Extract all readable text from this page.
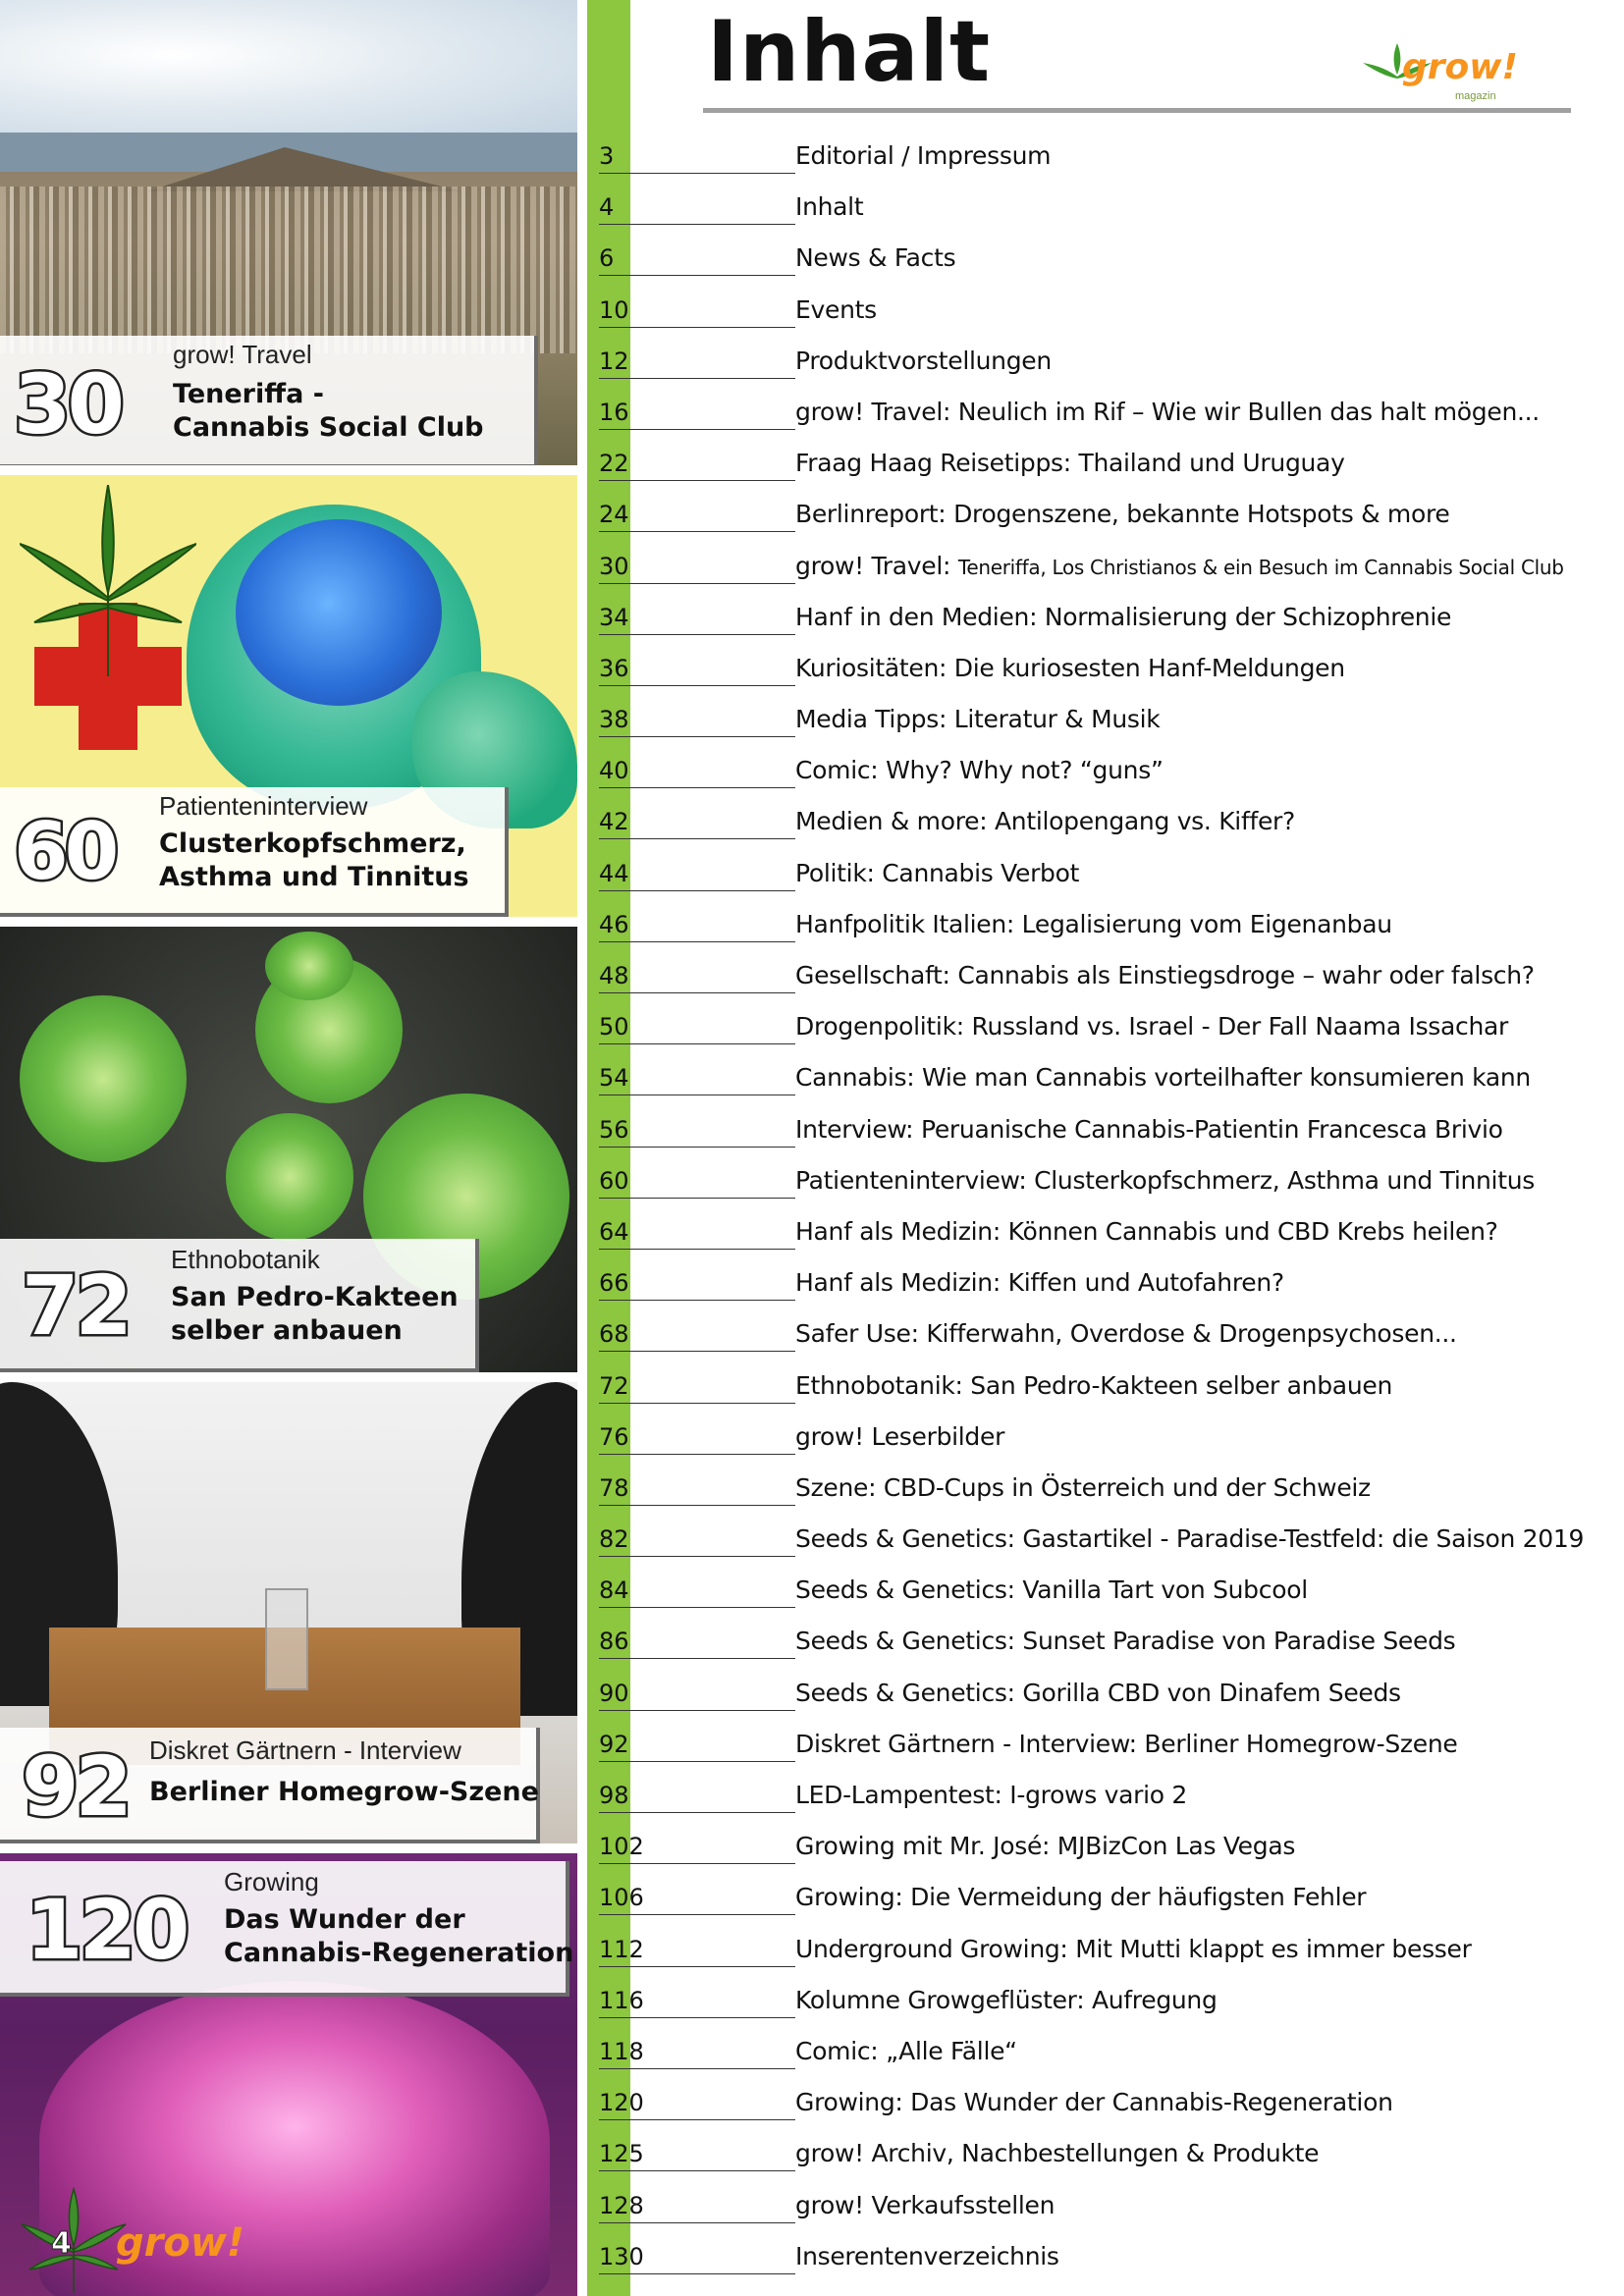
30
grow! Travel
Teneriffa -
Cannabis Social Club
60 Patienteninterview
Clusterkopfschmerz,
Asthma und Tinnitus
72 Ethnobotanik
San Pedro-Kakteen
selber anbauen
92 Diskret Gärtnern - Interview
Berliner Homegrow-Szene
120 Growing
Das Wunder der
Cannabis-Regeneration
4 grow!
Inhalt	grow!
magazin
3	Editorial / Impressum
4	Inhalt
6	News & Facts
10	Events
12	Produktvorstellungen
16	grow! Travel: Neulich im Rif – Wie wir Bullen das halt mögen...
22	Fraag Haag Reisetipps: Thailand und Uruguay
24	Berlinreport: Drogenszene, bekannte Hotspots & more
30	grow! Travel: Teneriffa, Los Christianos & ein Besuch im Cannabis Social Club
34	Hanf in den Medien: Normalisierung der Schizophrenie
36	Kuriositäten: Die kuriosesten Hanf-Meldungen
38	Media Tipps: Literatur & Musik
40	Comic: Why? Why not? “guns”
42	Medien & more: Antilopengang vs. Kiffer?
44	Politik: Cannabis Verbot
46	Hanfpolitik Italien: Legalisierung vom Eigenanbau
48	Gesellschaft: Cannabis als Einstiegsdroge – wahr oder falsch?
50	Drogenpolitik: Russland vs. Israel - Der Fall Naama Issachar
54	Cannabis: Wie man Cannabis vorteilhafter konsumieren kann
56	Interview: Peruanische Cannabis-Patientin Francesca Brivio
60	Patienteninterview: Clusterkopfschmerz, Asthma und Tinnitus
64	Hanf als Medizin: Können Cannabis und CBD Krebs heilen?
66	Hanf als Medizin: Kiffen und Autofahren?
68	Safer Use: Kifferwahn, Overdose & Drogenpsychosen...
72	Ethnobotanik: San Pedro-Kakteen selber anbauen
76	grow! Leserbilder
78	Szene: CBD-Cups in Österreich und der Schweiz
82	Seeds & Genetics: Gastartikel - Paradise-Testfeld: die Saison 2019
84	Seeds & Genetics: Vanilla Tart von Subcool
86	Seeds & Genetics: Sunset Paradise von Paradise Seeds
90	Seeds & Genetics: Gorilla CBD von Dinafem Seeds
92	Diskret Gärtnern - Interview: Berliner Homegrow-Szene
98	LED-Lampentest: I-grows vario 2
102	Growing mit Mr. José: MJBizCon Las Vegas
106	Growing: Die Vermeidung der häufigsten Fehler
112	Underground Growing: Mit Mutti klappt es immer besser
116	Kolumne Growgeflüster: Aufregung
118	Comic: „Alle Fälle“
120	Growing: Das Wunder der Cannabis-Regeneration
125	grow! Archiv, Nachbestellungen & Produkte
128	grow! Verkaufsstellen
130	Inserentenverzeichnis
